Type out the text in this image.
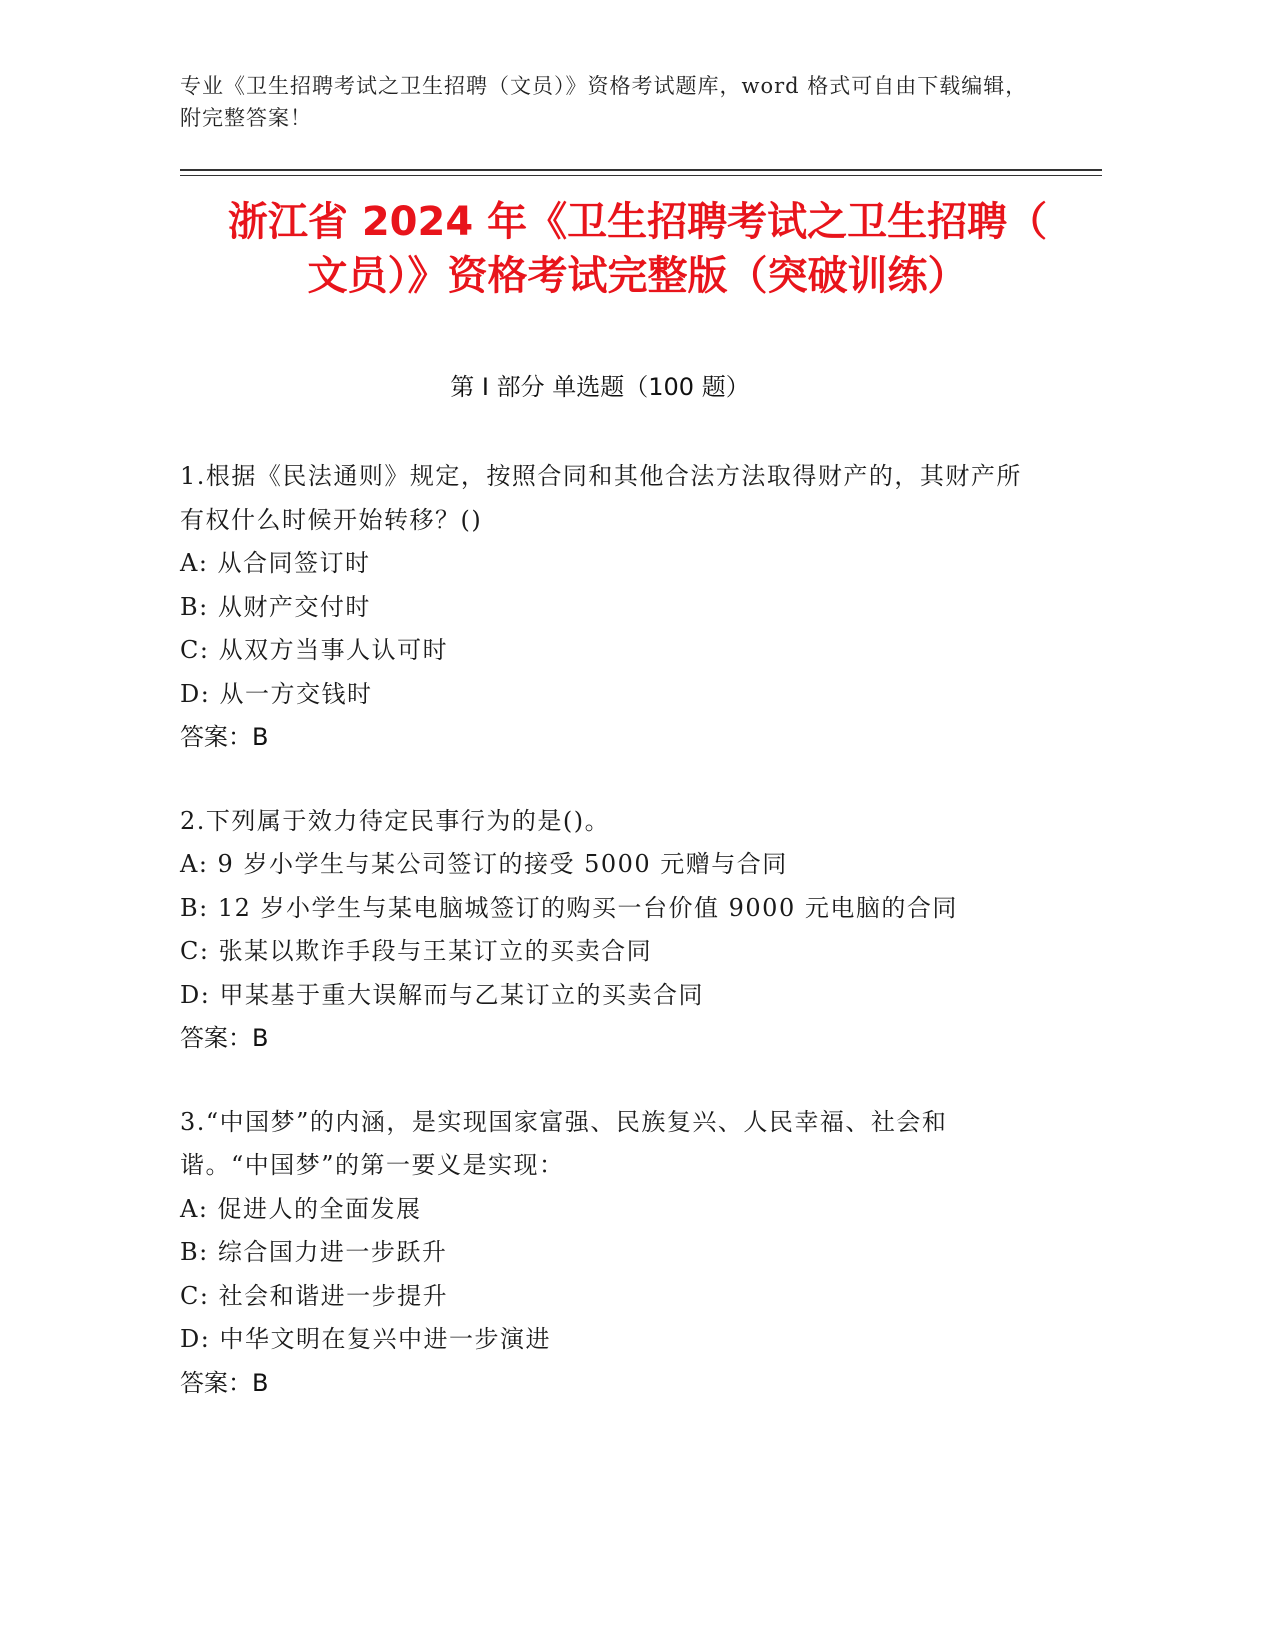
专业《卫生招聘考试之卫生招聘（文员）》资格考试题库，word 格式可自由下载编辑，附完整答案！
浙江省 2024 年《卫生招聘考试之卫生招聘（
文员）》资格考试完整版（突破训练）
第 I 部分 单选题（100 题）
1.根据《民法通则》规定，按照合同和其他合法方法取得财产的，其财产所有权什么时候开始转移？()
A: 从合同签订时
B: 从财产交付时
C: 从双方当事人认可时
D: 从一方交钱时
答案：B
2.下列属于效力待定民事行为的是()。
A: 9 岁小学生与某公司签订的接受 5000 元赠与合同
B: 12 岁小学生与某电脑城签订的购买一台价值 9000 元电脑的合同
C: 张某以欺诈手段与王某订立的买卖合同
D: 甲某基于重大误解而与乙某订立的买卖合同
答案：B
3.“中国梦”的内涵，是实现国家富强、民族复兴、人民幸福、社会和谐。“中国梦”的第一要义是实现：
A: 促进人的全面发展
B: 综合国力进一步跃升
C: 社会和谐进一步提升
D: 中华文明在复兴中进一步演进
答案：B
